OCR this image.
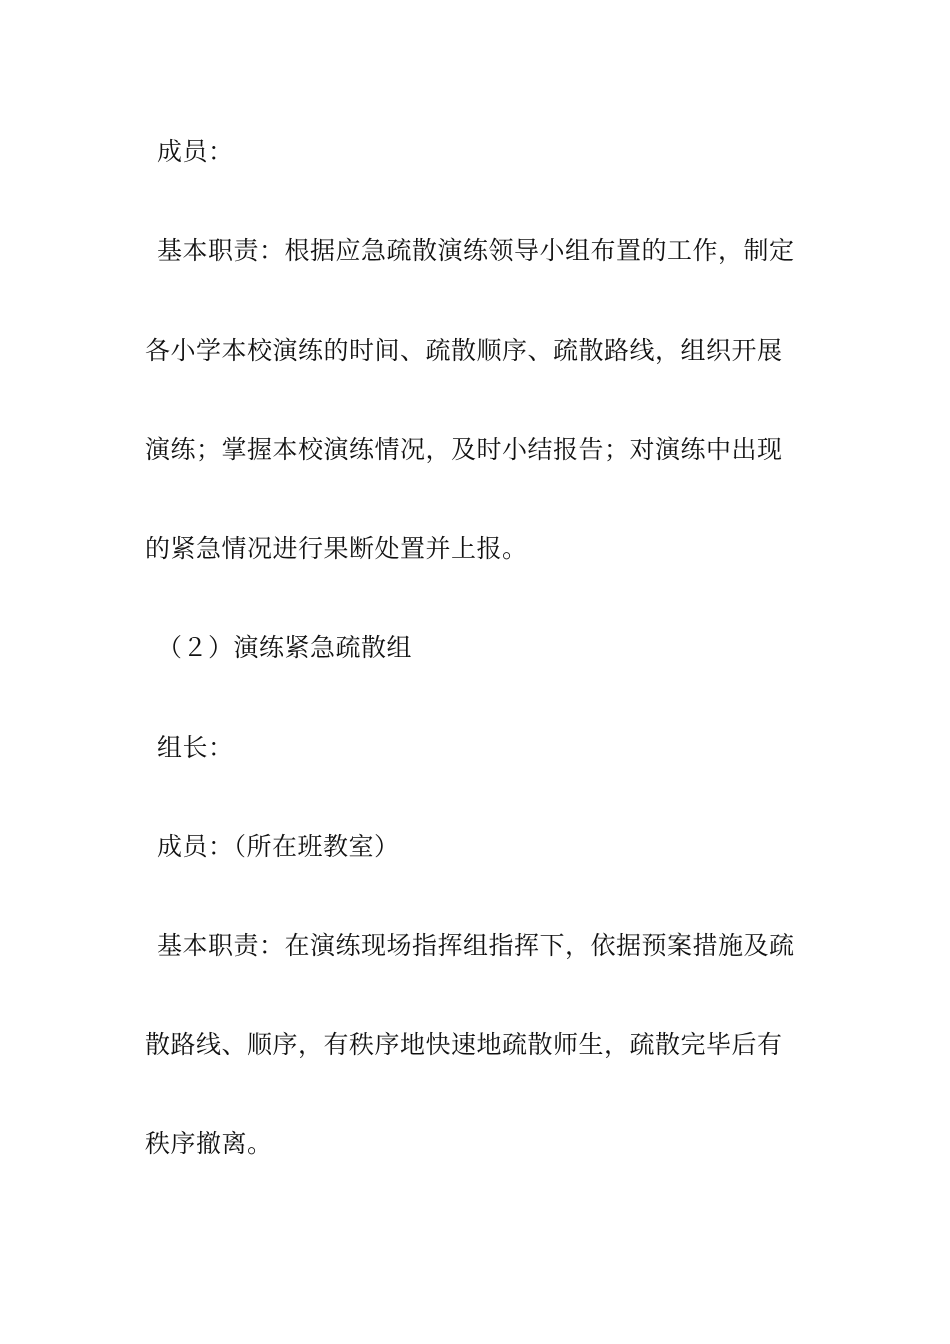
成员：
基本职责：根据应急疏散演练领导小组布置的工作，制定
各小学本校演练的时间、疏散顺序、疏散路线，组织开展
演练；掌握本校演练情况，及时小结报告；对演练中出现
的紧急情况进行果断处置并上报。
（２）演练紧急疏散组
组长：
成员：（所在班教室）
基本职责：在演练现场指挥组指挥下，依据预案措施及疏
散路线、顺序，有秩序地快速地疏散师生，疏散完毕后有
秩序撤离。
